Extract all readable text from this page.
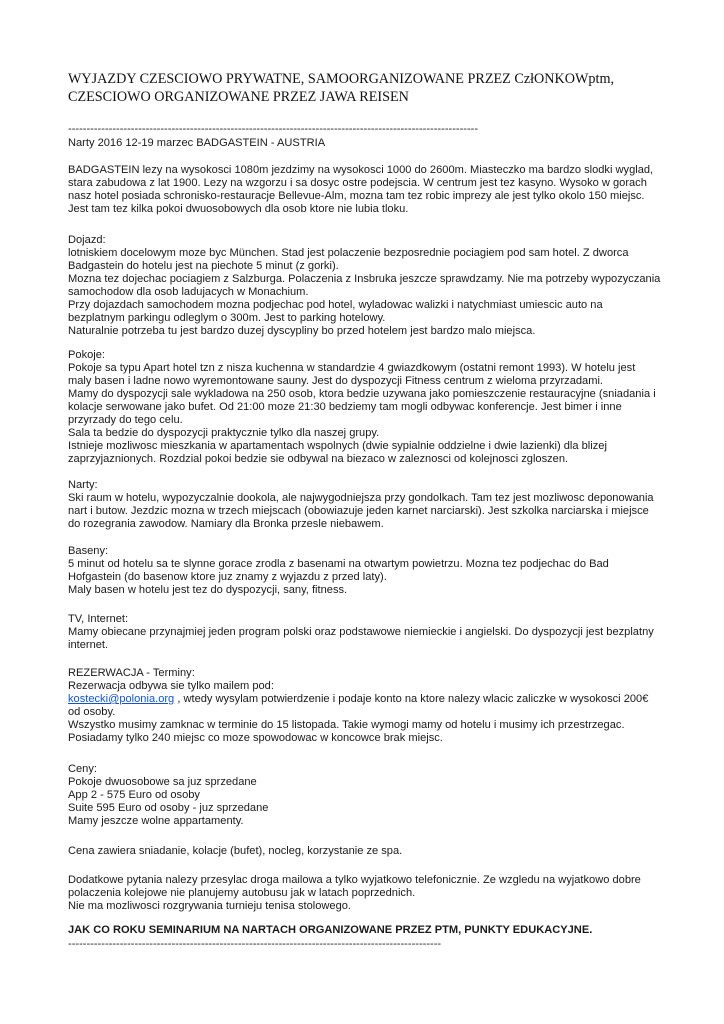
WYJAZDY CZESCIOWO PRYWATNE, SAMOORGANIZOWANE PRZEZ CzłONKOWptm,
CZESCIOWO ORGANIZOWANE PRZEZ JAWA REISEN
---------------------------------------------------------------------------------------------------------------
Narty 2016 12-19 marzec BADGASTEIN - AUSTRIA
BADGASTEIN lezy na wysokosci 1080m jezdzimy na wysokosci 1000 do 2600m. Miasteczko ma bardzo slodki wyglad,
stara zabudowa z lat 1900. Lezy na wzgorzu i sa dosyc ostre podejscia. W centrum jest tez kasyno. Wysoko w gorach
nasz hotel posiada schronisko-restauracje Bellevue-Alm, mozna tam tez robic imprezy ale jest tylko okolo 150 miejsc.
Jest tam tez kilka pokoi dwuosobowych dla osob ktore nie lubia tloku.
Dojazd:
lotniskiem docelowym moze byc München. Stad jest polaczenie bezposrednie pociagiem pod sam hotel. Z dworca
Badgastein do hotelu jest na piechote 5 minut (z gorki).
Mozna tez dojechac pociagiem z Salzburga. Polaczenia z Insbruka jeszcze sprawdzamy. Nie ma potrzeby wypozyczania
samochodow dla osob ladujacych w Monachium.
Przy dojazdach samochodem mozna podjechac pod hotel, wyladowac walizki i natychmiast umiescic auto na
bezplatnym parkingu odleglym o 300m. Jest to parking hotelowy.
Naturalnie potrzeba tu jest bardzo duzej dyscypliny bo przed hotelem jest bardzo malo miejsca.
Pokoje:
Pokoje sa typu Apart hotel tzn z nisza kuchenna w standardzie 4 gwiazdkowym (ostatni remont 1993). W hotelu jest
maly basen i ladne nowo wyremontowane sauny. Jest do dyspozycji Fitness centrum z wieloma przyrzadami.
Mamy do dyspozycji sale wykladowa na 250 osob, ktora bedzie uzywana jako pomieszczenie restauracyjne (sniadania i
kolacje serwowane jako bufet. Od 21:00 moze 21:30 bedziemy tam mogli odbywac konferencje. Jest bimer i inne
przyrzady do tego celu.
Sala ta bedzie do dyspozycji praktycznie tylko dla naszej grupy.
Istnieje mozliwosc mieszkania w apartamentach wspolnych (dwie sypialnie oddzielne i dwie lazienki) dla blizej
zaprzyjaznionych. Rozdzial pokoi bedzie sie odbywal na biezaco w zaleznosci od kolejnosci zgloszen.
Narty:
Ski raum w hotelu, wypozyczalnie dookola, ale najwygodniejsza przy gondolkach. Tam tez jest mozliwosc deponowania
nart i butow. Jezdzic mozna w trzech miejscach (obowiazuje jeden karnet narciarski). Jest szkolka narciarska i miejsce
do rozegrania zawodow. Namiary dla Bronka przesle niebawem.
Baseny:
5 minut od hotelu sa te slynne gorace zrodla z basenami na otwartym powietrzu. Mozna tez podjechac do Bad
Hofgastein (do basenow ktore juz znamy z wyjazdu z przed laty).
Maly basen w hotelu jest tez do dyspozycji, sany, fitness.
TV, Internet:
Mamy obiecane przynajmiej jeden program polski oraz podstawowe niemieckie i angielski. Do dyspozycji jest bezplatny
internet.
REZERWACJA - Terminy:
Rezerwacja odbywa sie tylko mailem pod:
kostecki@polonia.org , wtedy wysylam potwierdzenie i podaje konto na ktore nalezy wlacic zaliczke w wysokosci 200€
od osoby.
Wszystko musimy zamknac w terminie do 15 listopada. Takie wymogi mamy od hotelu i musimy ich przestrzegac.
Posiadamy tylko 240 miejsc co moze spowodowac w koncowce brak miejsc.
Ceny:
Pokoje dwuosobowe sa juz sprzedane
App 2 - 575 Euro od osoby
Suite 595 Euro od osoby - juz sprzedane
Mamy jeszcze wolne appartamenty.
Cena zawiera sniadanie, kolacje (bufet), nocleg, korzystanie ze spa.
Dodatkowe pytania nalezy przesylac droga mailowa a tylko wyjatkowo telefonicznie. Ze wzgledu na wyjatkowo dobre
polaczenia kolejowe nie planujemy autobusu jak w latach poprzednich.
Nie ma mozliwosci rozgrywania turnieju tenisa stolowego.
JAK CO ROKU SEMINARIUM NA NARTACH ORGANIZOWANE PRZEZ PTM, PUNKTY EDUKACYJNE.
-----------------------------------------------------------------------------------------------------
